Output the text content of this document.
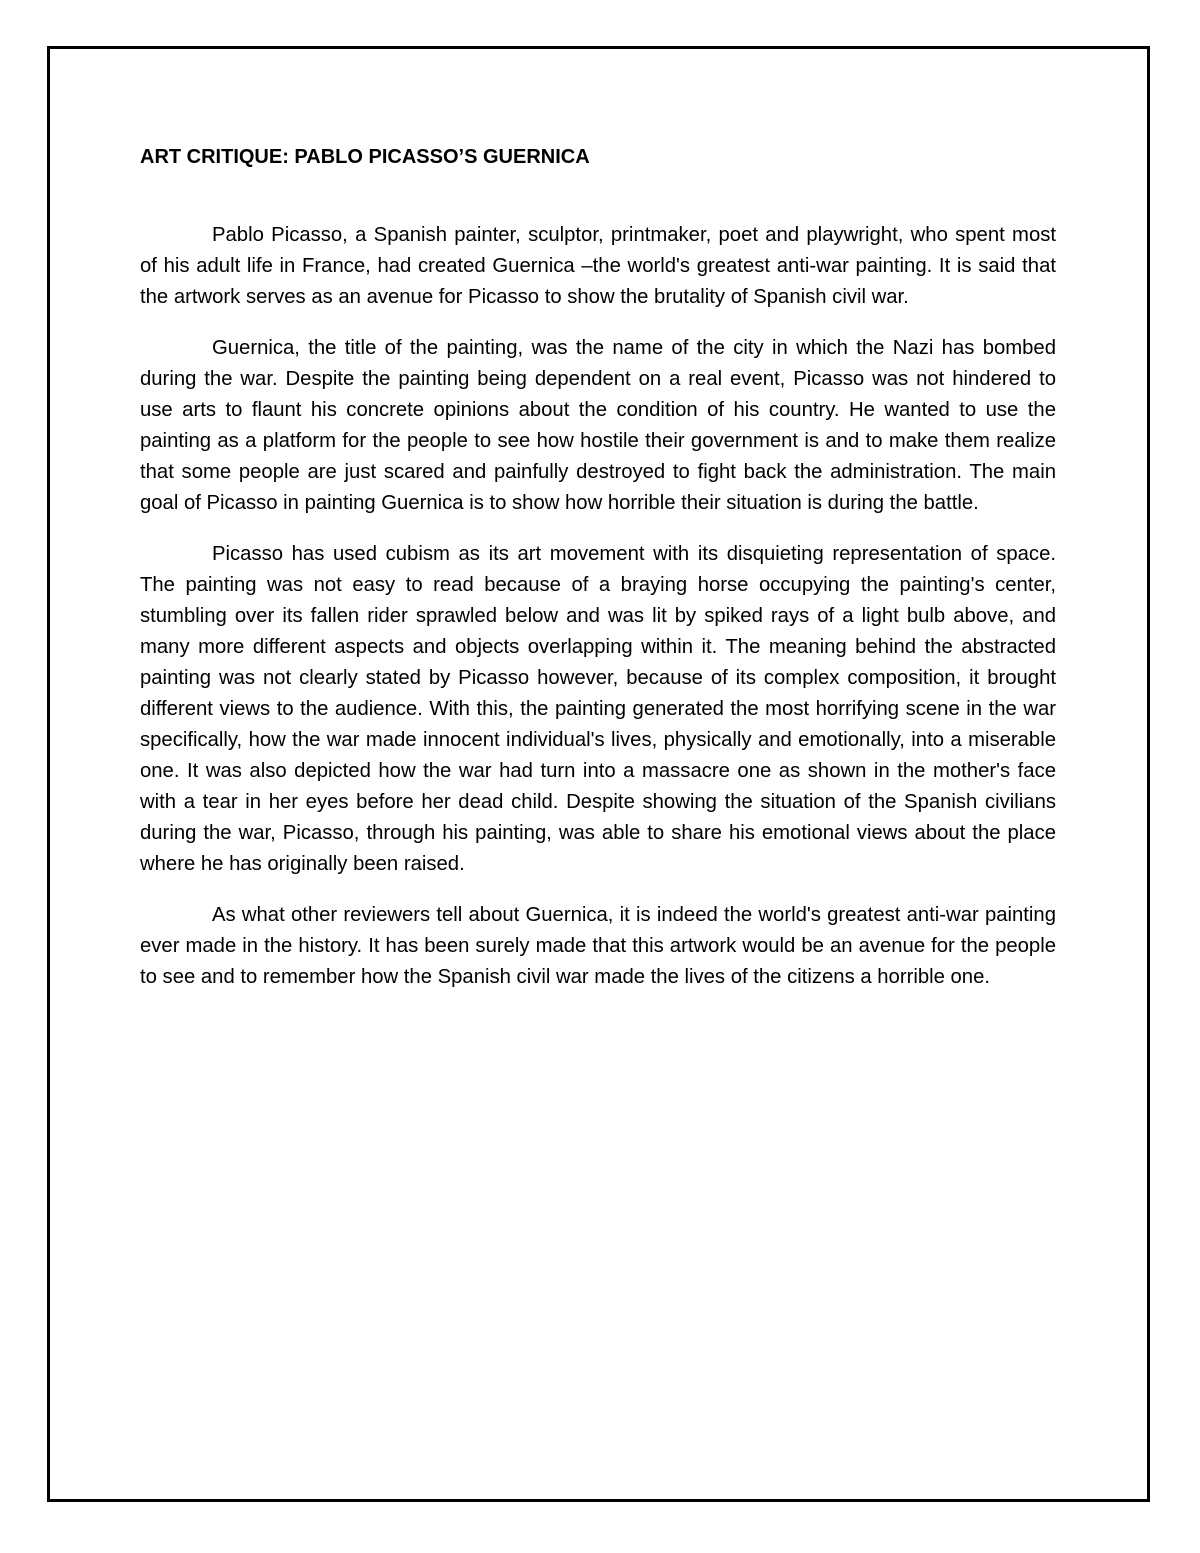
ART CRITIQUE: PABLO PICASSO’S GUERNICA

Pablo Picasso, a Spanish painter, sculptor, printmaker, poet and playwright, who spent most of his adult life in France, had created Guernica –the world's greatest anti-war painting. It is said that the artwork serves as an avenue for Picasso to show the brutality of Spanish civil war.

Guernica, the title of the painting, was the name of the city in which the Nazi has bombed during the war. Despite the painting being dependent on a real event, Picasso was not hindered to use arts to flaunt his concrete opinions about the condition of his country. He wanted to use the painting as a platform for the people to see how hostile their government is and to make them realize that some people are just scared and painfully destroyed to fight back the administration. The main goal of Picasso in painting Guernica is to show how horrible their situation is during the battle.

Picasso has used cubism as its art movement with its disquieting representation of space. The painting was not easy to read because of a braying horse occupying the painting's center, stumbling over its fallen rider sprawled below and was lit by spiked rays of a light bulb above, and many more different aspects and objects overlapping within it. The meaning behind the abstracted painting was not clearly stated by Picasso however, because of its complex composition, it brought different views to the audience. With this, the painting generated the most horrifying scene in the war specifically, how the war made innocent individual's lives, physically and emotionally, into a miserable one. It was also depicted how the war had turn into a massacre one as shown in the mother's face with a tear in her eyes before her dead child. Despite showing the situation of the Spanish civilians during the war, Picasso, through his painting, was able to share his emotional views about the place where he has originally been raised.

As what other reviewers tell about Guernica, it is indeed the world's greatest anti-war painting ever made in the history. It has been surely made that this artwork would be an avenue for the people to see and to remember how the Spanish civil war made the lives of the citizens a horrible one.
